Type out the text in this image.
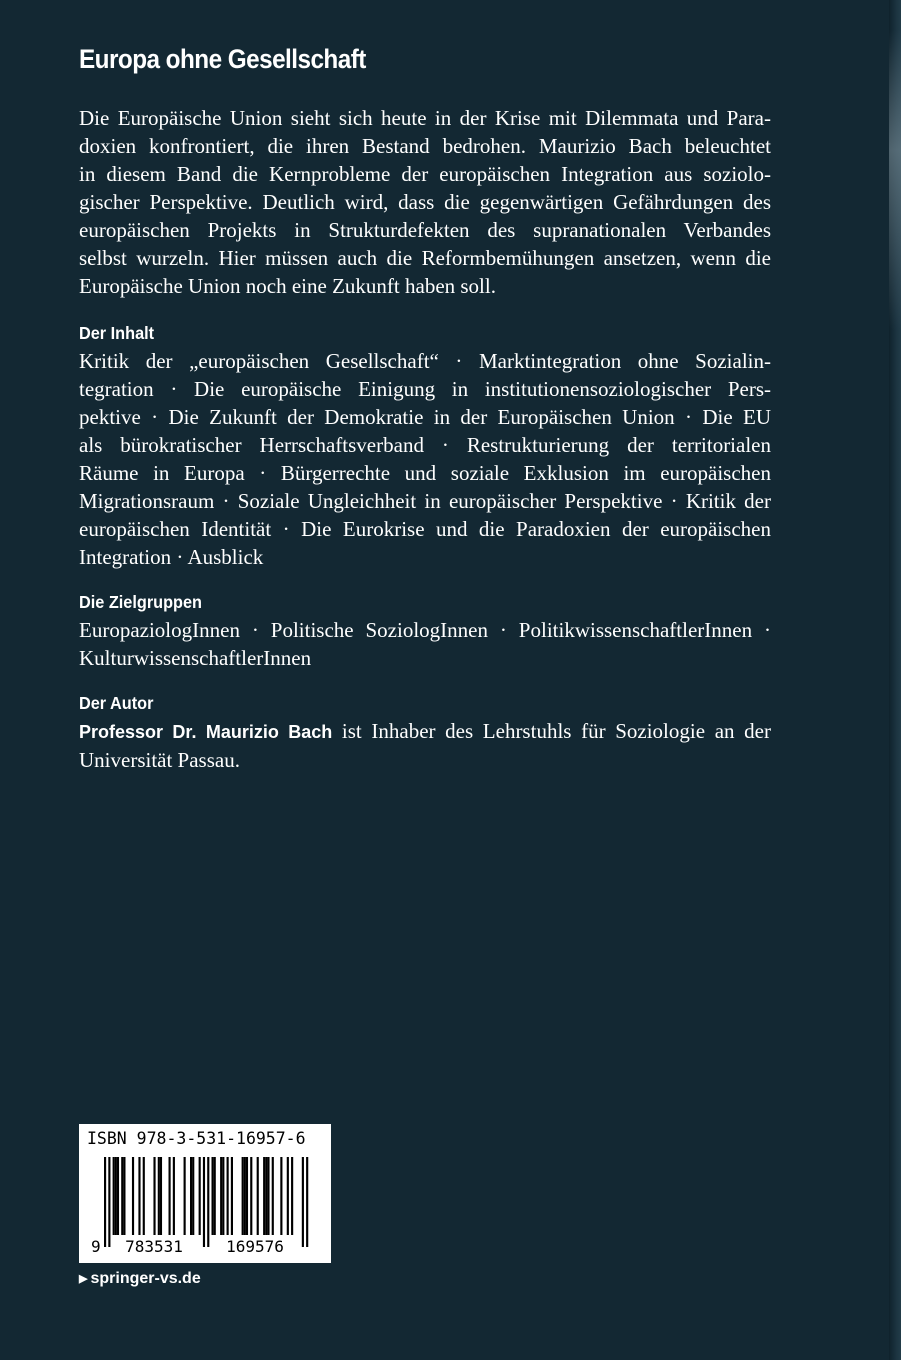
Europa ohne Gesellschaft

Die Europäische Union sieht sich heute in der Krise mit Dilemmata und Para-

doxien konfrontiert, die ihren Bestand bedrohen. Maurizio Bach beleuchtet

in diesem Band die Kernprobleme der europäischen Integration aus soziolo-

gischer Perspektive. Deutlich wird, dass die gegenwärtigen Gefährdungen des

europäischen Projekts in Strukturdefekten des supranationalen Verbandes

selbst wurzeln. Hier müssen auch die Reformbemühungen ansetzen, wenn die

Europäische Union noch eine Zukunft haben soll.

Der Inhalt

Kritik der „europäischen Gesellschaft“ · Marktintegration ohne Sozialin-

tegration · Die europäische Einigung in institutionensoziologischer Pers-

pektive · Die Zukunft der Demokratie in der Europäischen Union · Die EU

als bürokratischer Herrschaftsverband · Restrukturierung der territorialen

Räume in Europa · Bürgerrechte und soziale Exklusion im europäischen

Migrationsraum · Soziale Ungleichheit in europäischer Perspektive · Kritik der

europäischen Identität · Die Eurokrise und die Paradoxien der europäischen

Integration · Ausblick

Die Zielgruppen

EuropaziologInnen · Politische SoziologInnen · PolitikwissenschaftlerInnen ·

KulturwissenschaftlerInnen

Der Autor

Professor Dr. Maurizio Bach ist Inhaber des Lehrstuhls für Soziologie an der

Universität Passau.

9 783531	169576
ISBN 978-3-531-16957-6
▶ springer-vs.de
